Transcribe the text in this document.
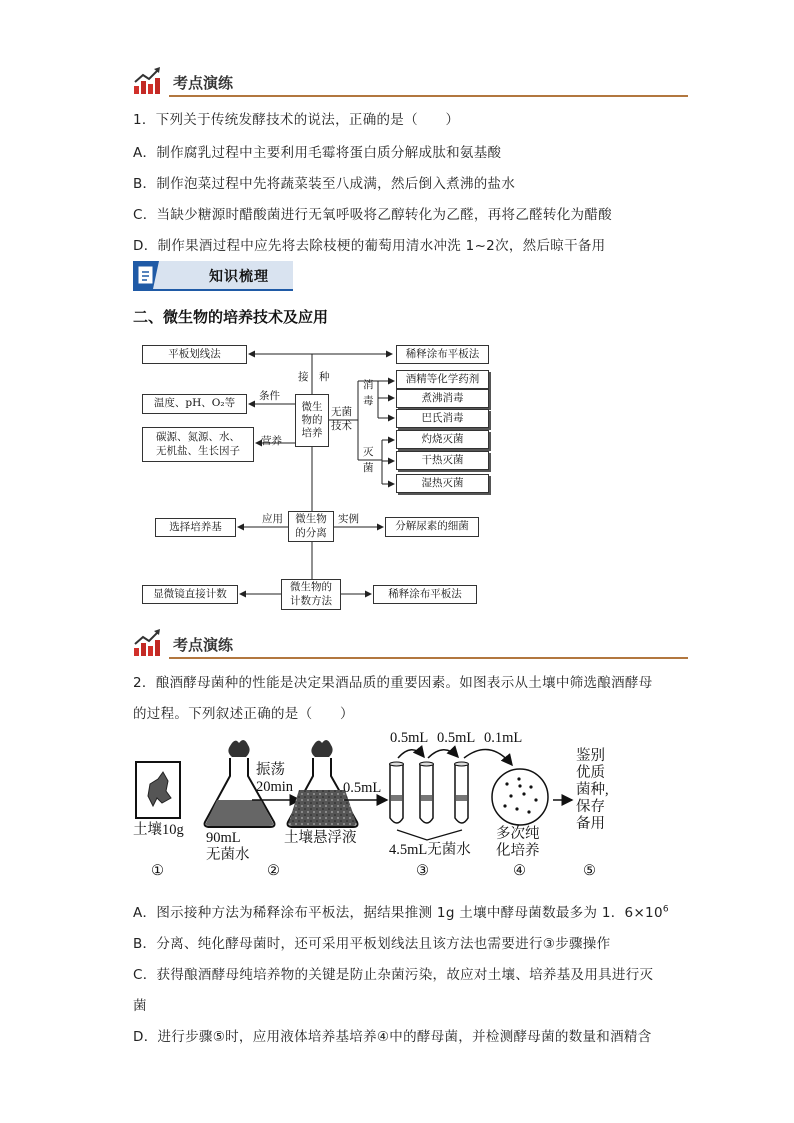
考点演练
1．下列关于传统发酵技术的说法，正确的是（　　）
A．制作腐乳过程中主要利用毛霉将蛋白质分解成肽和氨基酸
B．制作泡菜过程中先将蔬菜装至八成满，然后倒入煮沸的盐水
C．当缺少糖源时醋酸菌进行无氧呼吸将乙醇转化为乙醛，再将乙醛转化为醋酸
D．制作果酒过程中应先将去除枝梗的葡萄用清水冲洗 1~2次，然后晾干备用
知识梳理
二、微生物的培养技术及应用
平板划线法	稀释涂布平板法
接　种
微生
物的
培养
条件
温度、pH、O₂等
营养
碳源、氮源、水、
无机盐、生长因子
无菌
技术
消
毒
灭
菌
酒精等化学药剂
煮沸消毒
巴氏消毒
灼烧灭菌
干热灭菌
湿热灭菌
微生物
的分离
应用
选择培养基
实例
分解尿素的细菌
微生物的
计数方法
显微镜直接计数	稀释涂布平板法
考点演练
2．酿酒酵母菌种的性能是决定果酒品质的重要因素。如图表示从土壤中筛选酿酒酵母
的过程。下列叙述正确的是（　　）
土壤10g 90mL
无菌水
振荡
20min
土壤悬浮液
0.5mL
0.5mL 0.5mL 0.1mL
4.5mL无菌水
多次纯
化培养
鉴别
优质
菌种,
保存
备用
①	②	③	④	⑤
A．图示接种方法为稀释涂布平板法，据结果推测 1g 土壤中酵母菌数最多为 1．$6\times 10^6$
B．分离、纯化酵母菌时，还可采用平板划线法且该方法也需要进行③步骤操作
C．获得酿酒酵母纯培养物的关键是防止杂菌污染，故应对土壤、培养基及用具进行灭
菌
D．进行步骤⑤时，应用液体培养基培养④中的酵母菌，并检测酵母菌的数量和酒精含
